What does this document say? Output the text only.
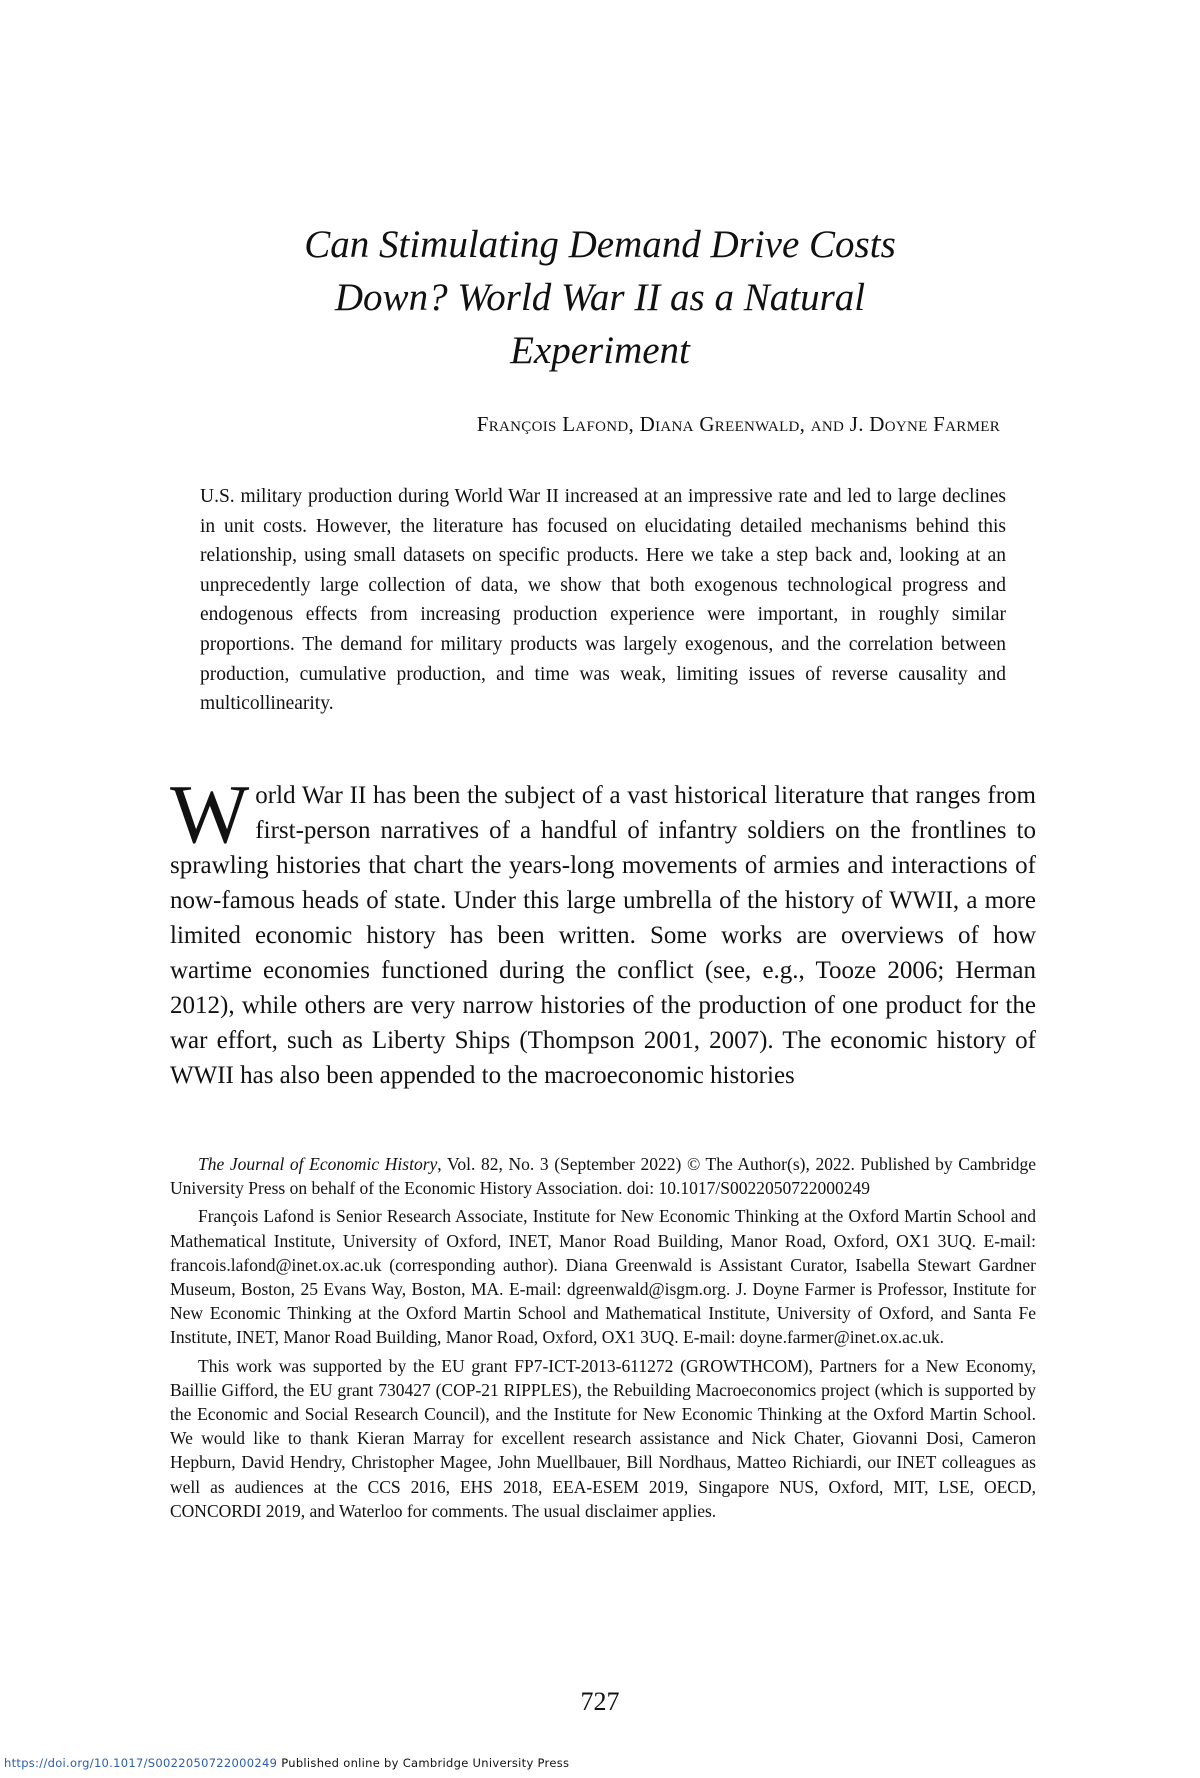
Can Stimulating Demand Drive Costs
Down? World War II as a Natural
Experiment

François Lafond, Diana Greenwald, and J. Doyne Farmer

U.S. military production during World War II increased at an impressive rate and led to large declines in unit costs. However, the literature has focused on elucidating detailed mechanisms behind this relationship, using small datasets on specific products. Here we take a step back and, looking at an unprecedently large collection of data, we show that both exogenous technological progress and endogenous effects from increasing production experience were important, in roughly similar proportions. The demand for military products was largely exogenous, and the correlation between production, cumulative production, and time was weak, limiting issues of reverse causality and multicollinearity.

World War II has been the subject of a vast historical literature that ranges from first-person narratives of a handful of infantry soldiers on the frontlines to sprawling histories that chart the years-long movements of armies and interactions of now-famous heads of state. Under this large umbrella of the history of WWII, a more limited economic history has been written. Some works are overviews of how wartime economies functioned during the conflict (see, e.g., Tooze 2006; Herman 2012), while others are very narrow histories of the production of one product for the war effort, such as Liberty Ships (Thompson 2001, 2007). The economic history of WWII has also been appended to the macroeconomic histories

The Journal of Economic History, Vol. 82, No. 3 (September 2022) © The Author(s), 2022. Published by Cambridge University Press on behalf of the Economic History Association. doi: 10.1017/S0022050722000249

François Lafond is Senior Research Associate, Institute for New Economic Thinking at the Oxford Martin School and Mathematical Institute, University of Oxford, INET, Manor Road Building, Manor Road, Oxford, OX1 3UQ. E-mail: francois.lafond@inet.ox.ac.uk (corresponding author). Diana Greenwald is Assistant Curator, Isabella Stewart Gardner Museum, Boston, 25 Evans Way, Boston, MA. E-mail: dgreenwald@isgm.org. J. Doyne Farmer is Professor, Institute for New Economic Thinking at the Oxford Martin School and Mathematical Institute, University of Oxford, and Santa Fe Institute, INET, Manor Road Building, Manor Road, Oxford, OX1 3UQ. E-mail: doyne.farmer@inet.ox.ac.uk.

This work was supported by the EU grant FP7-ICT-2013-611272 (GROWTHCOM), Partners for a New Economy, Baillie Gifford, the EU grant 730427 (COP-21 RIPPLES), the Rebuilding Macroeconomics project (which is supported by the Economic and Social Research Council), and the Institute for New Economic Thinking at the Oxford Martin School. We would like to thank Kieran Marray for excellent research assistance and Nick Chater, Giovanni Dosi, Cameron Hepburn, David Hendry, Christopher Magee, John Muellbauer, Bill Nordhaus, Matteo Richiardi, our INET colleagues as well as audiences at the CCS 2016, EHS 2018, EEA-ESEM 2019, Singapore NUS, Oxford, MIT, LSE, OECD, CONCORDI 2019, and Waterloo for comments. The usual disclaimer applies.

727

https://doi.org/10.1017/S0022050722000249 Published online by Cambridge University Press
